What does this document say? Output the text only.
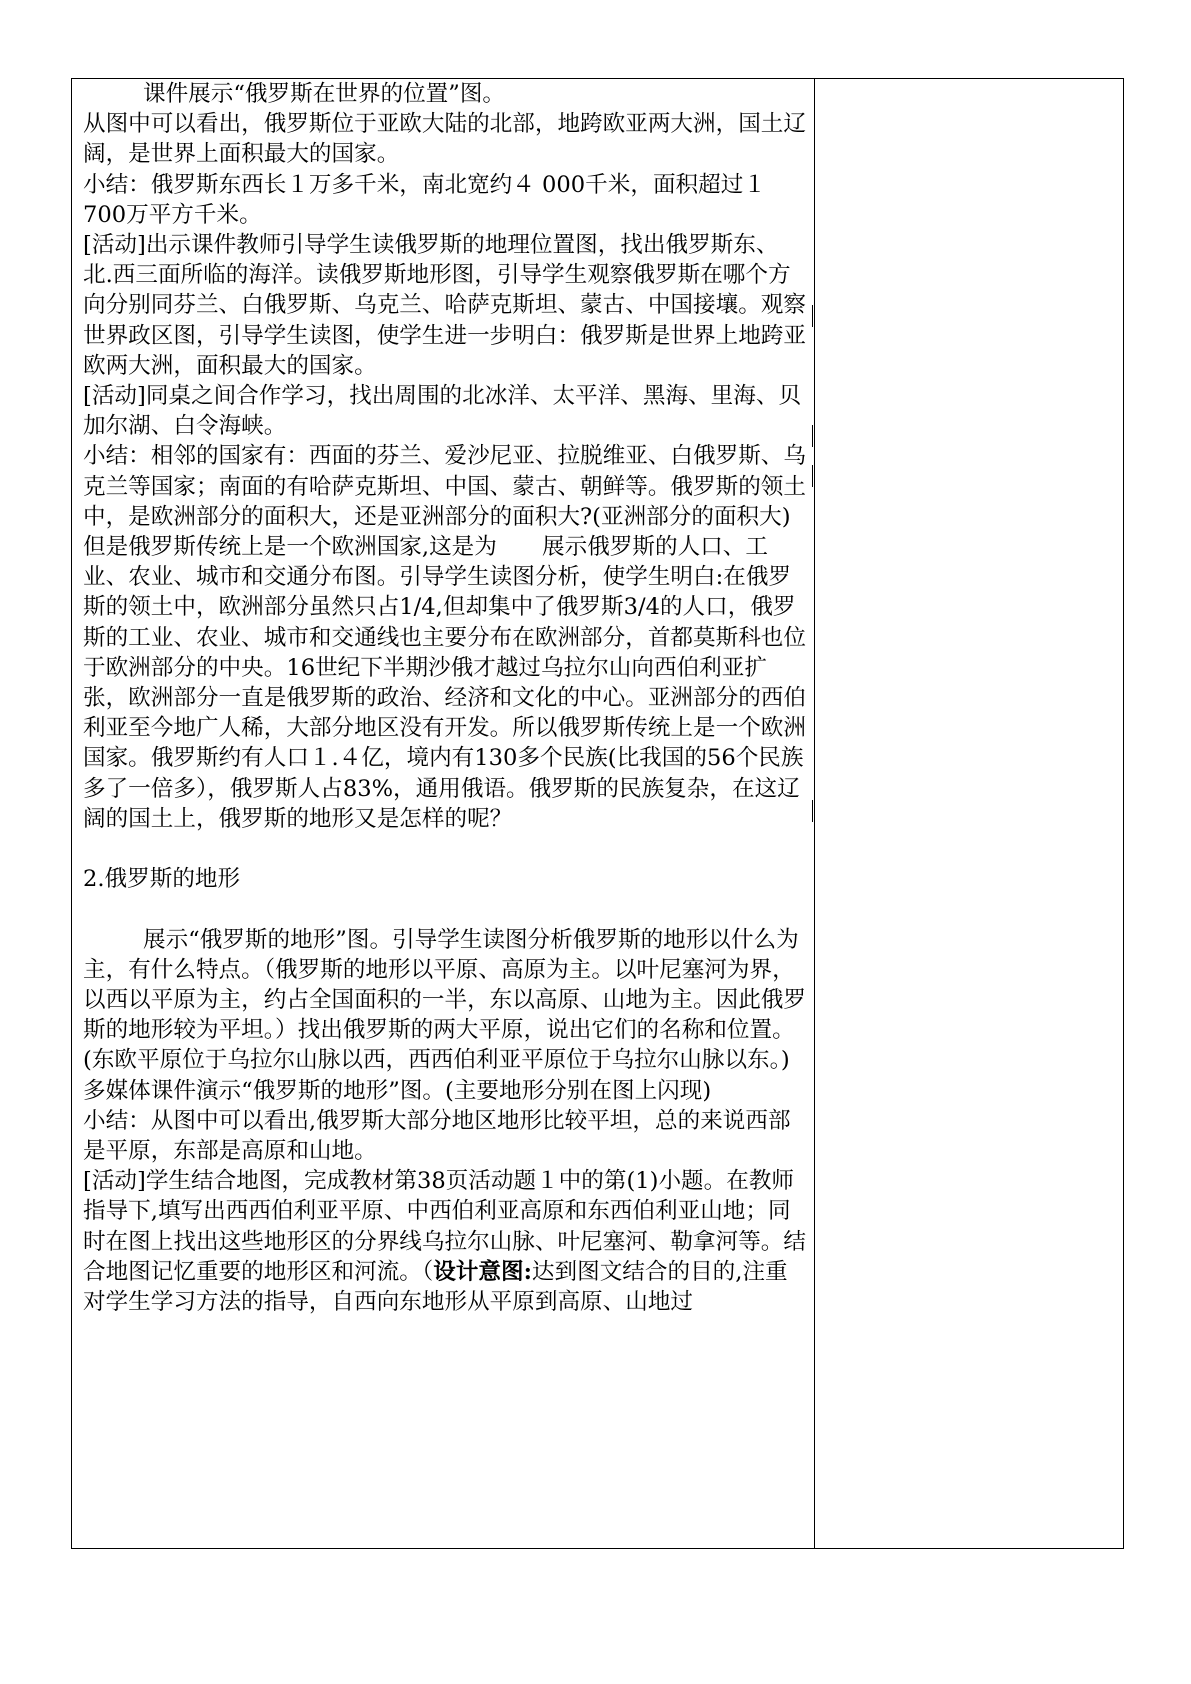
课件展示“俄罗斯在世界的位置”图。

从图中可以看出，俄罗斯位于亚欧大陆的北部，地跨欧亚两大洲，国土辽阔，是世界上面积最大的国家。

小结：俄罗斯东西长１万多千米，南北宽约４ 000千米，面积超过１ 700万平方千米。

[活动]出示课件教师引导学生读俄罗斯的地理位置图，找出俄罗斯东、北.西三面所临的海洋。读俄罗斯地形图，引导学生观察俄罗斯在哪个方向分别同芬兰、白俄罗斯、乌克兰、哈萨克斯坦、蒙古、中国接壤。观察世界政区图，引导学生读图，使学生进一步明白：俄罗斯是世界上地跨亚欧两大洲，面积最大的国家。

[活动]同桌之间合作学习，找出周围的北冰洋、太平洋、黑海、里海、贝加尔湖、白令海峡。

小结：相邻的国家有：西面的芬兰、爱沙尼亚、拉脱维亚、白俄罗斯、乌克兰等国家；南面的有哈萨克斯坦、中国、蒙古、朝鲜等。俄罗斯的领土中，是欧洲部分的面积大，还是亚洲部分的面积大?(亚洲部分的面积大)但是俄罗斯传统上是一个欧洲国家,这是为　　展示俄罗斯的人口、工业、农业、城市和交通分布图。引导学生读图分析，使学生明白:在俄罗斯的领土中，欧洲部分虽然只占1/4,但却集中了俄罗斯3/4的人口，俄罗斯的工业、农业、城市和交通线也主要分布在欧洲部分，首都莫斯科也位于欧洲部分的中央。16世纪下半期沙俄才越过乌拉尔山向西伯利亚扩张，欧洲部分一直是俄罗斯的政治、经济和文化的中心。亚洲部分的西伯利亚至今地广人稀，大部分地区没有开发。所以俄罗斯传统上是一个欧洲国家。俄罗斯约有人口１.４亿，境内有130多个民族(比我国的56个民族多了一倍多），俄罗斯人占83%，通用俄语。俄罗斯的民族复杂，在这辽阔的国土上，俄罗斯的地形又是怎样的呢？

2.俄罗斯的地形

展示“俄罗斯的地形”图。引导学生读图分析俄罗斯的地形以什么为主，有什么特点。（俄罗斯的地形以平原、高原为主。以叶尼塞河为界，以西以平原为主，约占全国面积的一半，东以高原、山地为主。因此俄罗斯的地形较为平坦。）找出俄罗斯的两大平原，说出它们的名称和位置。(东欧平原位于乌拉尔山脉以西，西西伯利亚平原位于乌拉尔山脉以东。)

多媒体课件演示“俄罗斯的地形”图。(主要地形分别在图上闪现)

小结：从图中可以看出,俄罗斯大部分地区地形比较平坦，总的来说西部是平原，东部是高原和山地。

[活动]学生结合地图，完成教材第38页活动题１中的第(1)小题。在教师指导下,填写出西西伯利亚平原、中西伯利亚高原和东西伯利亚山地；同时在图上找出这些地形区的分界线乌拉尔山脉、叶尼塞河、勒拿河等。结合地图记忆重要的地形区和河流。（设计意图:达到图文结合的目的,注重对学生学习方法的指导，自西向东地形从平原到高原、山地过
